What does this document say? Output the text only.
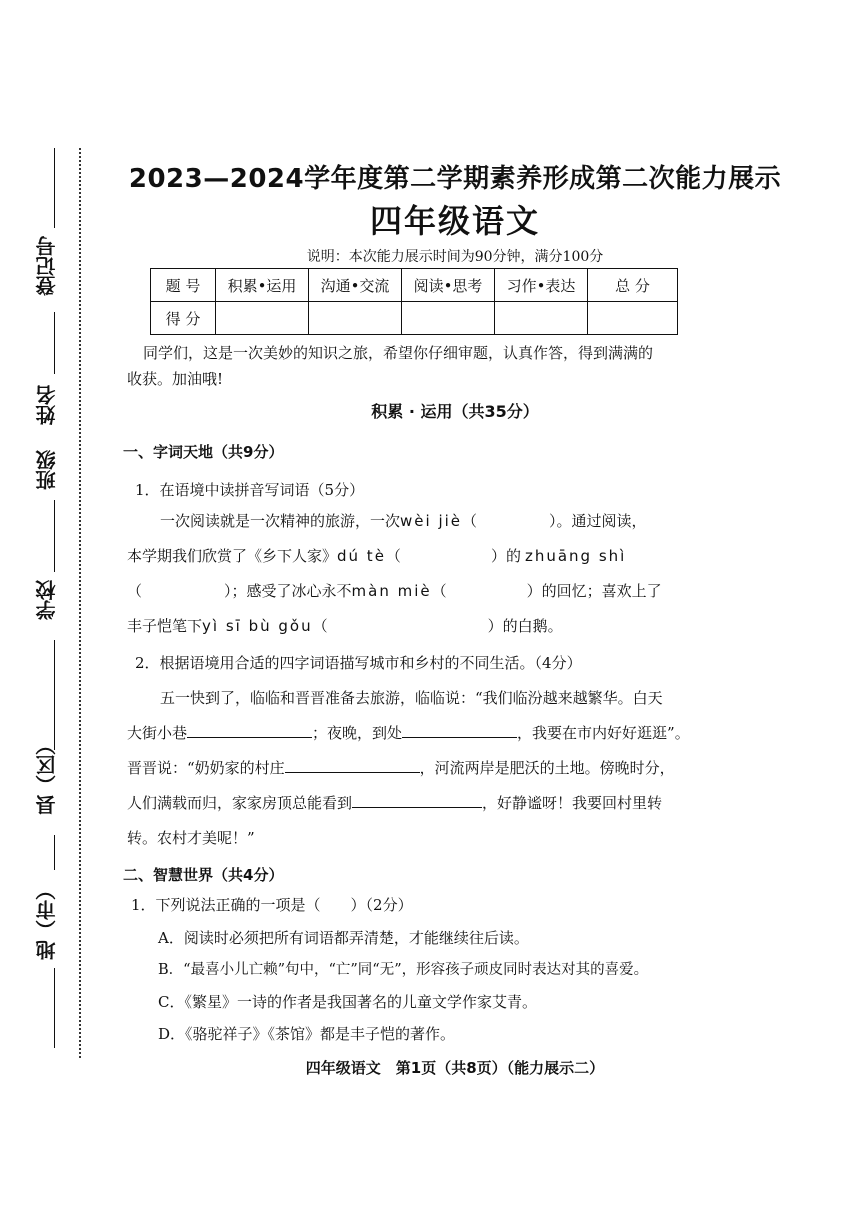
登记号
姓名
班级
学校
县（区）
地（市）
2023—2024学年度第二学期素养形成第二次能力展示
四年级语文
说明：本次能力展示时间为90分钟，满分100分
题 号	积累•运用	沟通•交流	阅读•思考	习作•表达	总 分
得 分					
同学们，这是一次美妙的知识之旅，希望你仔细审题，认真作答，得到满满的
收获。加油哦!
积累 · 运用（共35分）
一、字词天地（共9分）
1．在语境中读拼音写词语（5分）
一次阅读就是一次精神的旅游，一次wèi jiè（	）。通过阅读，
本学期我们欣赏了《乡下人家》dú tè（	）的 zhuāng shì
（	）；感受了冰心永不màn miè（	）的回忆；喜欢上了
丰子恺笔下yì sī bù gǒu（	）的白鹅。
2．根据语境用合适的四字词语描写城市和乡村的不同生活。（4分）
五一快到了，临临和晋晋准备去旅游，临临说：“我们临汾越来越繁华。白天
大街小巷	；夜晚，到处	，我要在市内好好逛逛”。
晋晋说：“奶奶家的村庄	，河流两岸是肥沃的土地。傍晚时分，
人们满载而归，家家房顶总能看到	，好静谧呀！我要回村里转
转。农村才美呢！”
二、智慧世界（共4分）
1．下列说法正确的一项是（　　）（2分）
A．阅读时必须把所有词语都弄清楚，才能继续往后读。
B．“最喜小儿亡赖”句中，“亡”同“无”，形容孩子顽皮同时表达对其的喜爱。
C．《繁星》一诗的作者是我国著名的儿童文学作家艾青。
D．《骆驼祥子》《茶馆》都是丰子恺的著作。
四年级语文　第1页（共8页）（能力展示二）
